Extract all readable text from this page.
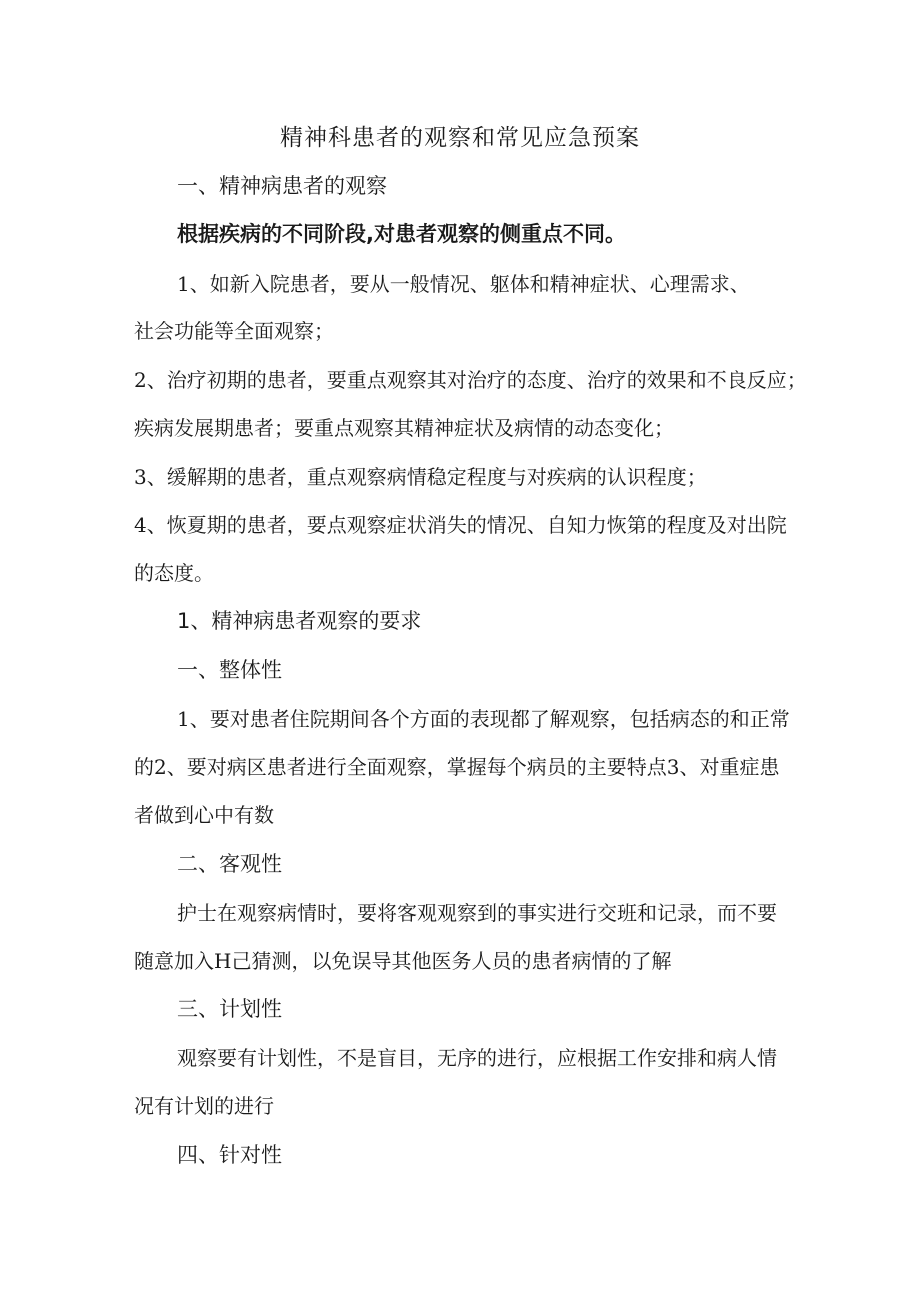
精神科患者的观察和常见应急预案
一、精神病患者的观察
根据疾病的不同阶段,对患者观察的侧重点不同。
1、如新入院患者，要从一般情况、躯体和精神症状、心理需求、
社会功能等全面观察；
2、治疗初期的患者，要重点观察其对治疗的态度、治疗的效果和不良反应；
疾病发展期患者；要重点观察其精神症状及病情的动态变化；
3、缓解期的患者，重点观察病情稳定程度与对疾病的认识程度；
4、恢夏期的患者，要点观察症状消失的情况、自知力恢第的程度及对出院
的态度。
1、精神病患者观察的要求
一、整体性
1、要对患者住院期间各个方面的表现都了解观察，包括病态的和正常
的2、要对病区患者进行全面观察，掌握每个病员的主要特点3、对重症患
者做到心中有数
二、客观性
护士在观察病情时，要将客观观察到的事实进行交班和记录，而不要
随意加入H己猜测，以免误导其他医务人员的患者病情的了解
三、计划性
观察要有计划性，不是盲目，无序的进行，应根据工作安排和病人情
况有计划的进行
四、针对性
